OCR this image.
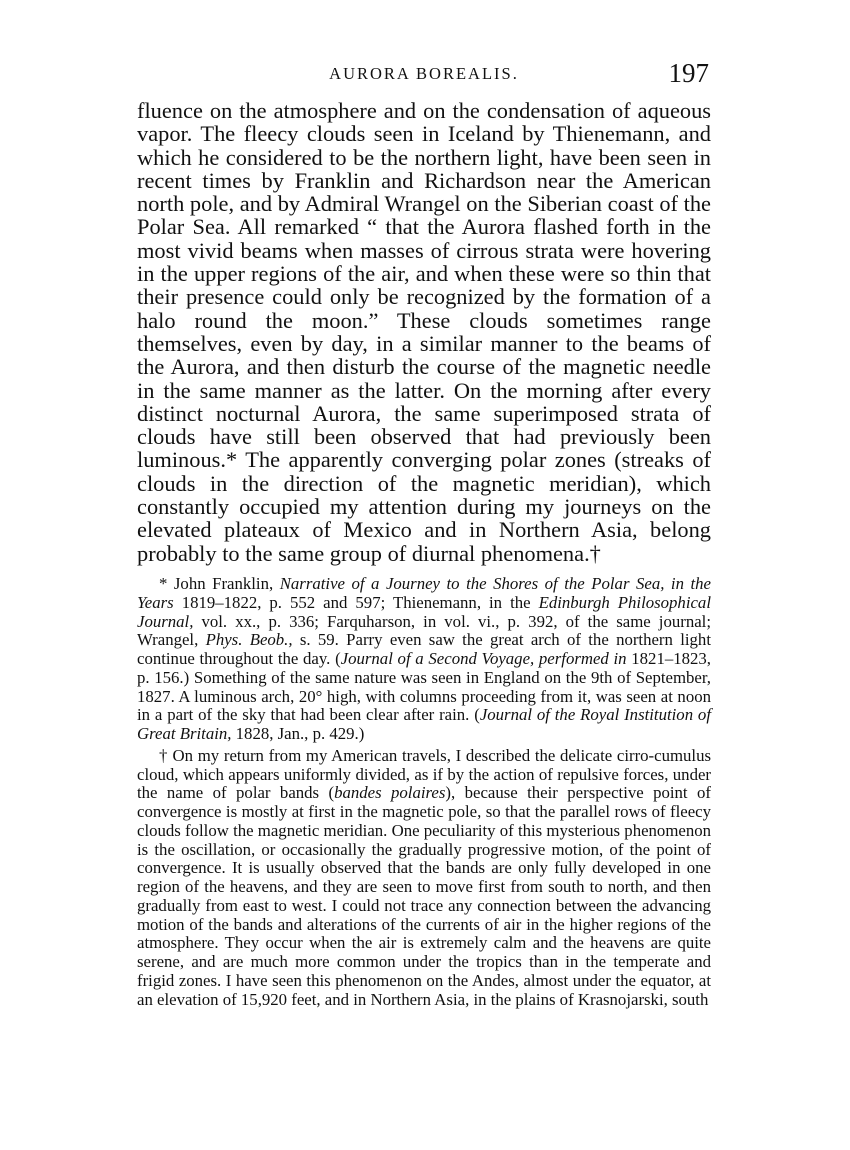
AURORA BOREALIS.	197

fluence on the atmosphere and on the condensation of aqueous vapor. The fleecy clouds seen in Iceland by Thienemann, and which he considered to be the northern light, have been seen in recent times by Franklin and Richardson near the American north pole, and by Admiral Wrangel on the Siberian coast of the Polar Sea. All remarked “ that the Aurora flashed forth in the most vivid beams when masses of cirrous strata were hovering in the upper regions of the air, and when these were so thin that their presence could only be recognized by the formation of a halo round the moon.” These clouds sometimes range themselves, even by day, in a similar manner to the beams of the Aurora, and then disturb the course of the magnetic needle in the same manner as the latter. On the morning after every distinct nocturnal Aurora, the same superimposed strata of clouds have still been observed that had previously been luminous.* The apparently converging polar zones (streaks of clouds in the direction of the magnetic meridian), which constantly occupied my attention during my journeys on the elevated plateaux of Mexico and in Northern Asia, belong probably to the same group of diurnal phenomena.†

* John Franklin, Narrative of a Journey to the Shores of the Polar Sea, in the Years 1819–1822, p. 552 and 597; Thienemann, in the Edinburgh Philosophical Journal, vol. xx., p. 336; Farquharson, in vol. vi., p. 392, of the same journal; Wrangel, Phys. Beob., s. 59. Parry even saw the great arch of the northern light continue throughout the day. (Journal of a Second Voyage, performed in 1821–1823, p. 156.) Something of the same nature was seen in England on the 9th of September, 1827. A luminous arch, 20° high, with columns proceeding from it, was seen at noon in a part of the sky that had been clear after rain. (Journal of the Royal Institution of Great Britain, 1828, Jan., p. 429.)

† On my return from my American travels, I described the delicate cirro-cumulus cloud, which appears uniformly divided, as if by the action of repulsive forces, under the name of polar bands (bandes polaires), because their perspective point of convergence is mostly at first in the magnetic pole, so that the parallel rows of fleecy clouds follow the magnetic meridian. One peculiarity of this mysterious phenomenon is the oscillation, or occasionally the gradually progressive motion, of the point of convergence. It is usually observed that the bands are only fully developed in one region of the heavens, and they are seen to move first from south to north, and then gradually from east to west. I could not trace any connection between the advancing motion of the bands and alterations of the currents of air in the higher regions of the atmosphere. They occur when the air is extremely calm and the heavens are quite serene, and are much more common under the tropics than in the temperate and frigid zones. I have seen this phenomenon on the Andes, almost under the equator, at an elevation of 15,920 feet, and in Northern Asia, in the plains of Krasnojarski, south
